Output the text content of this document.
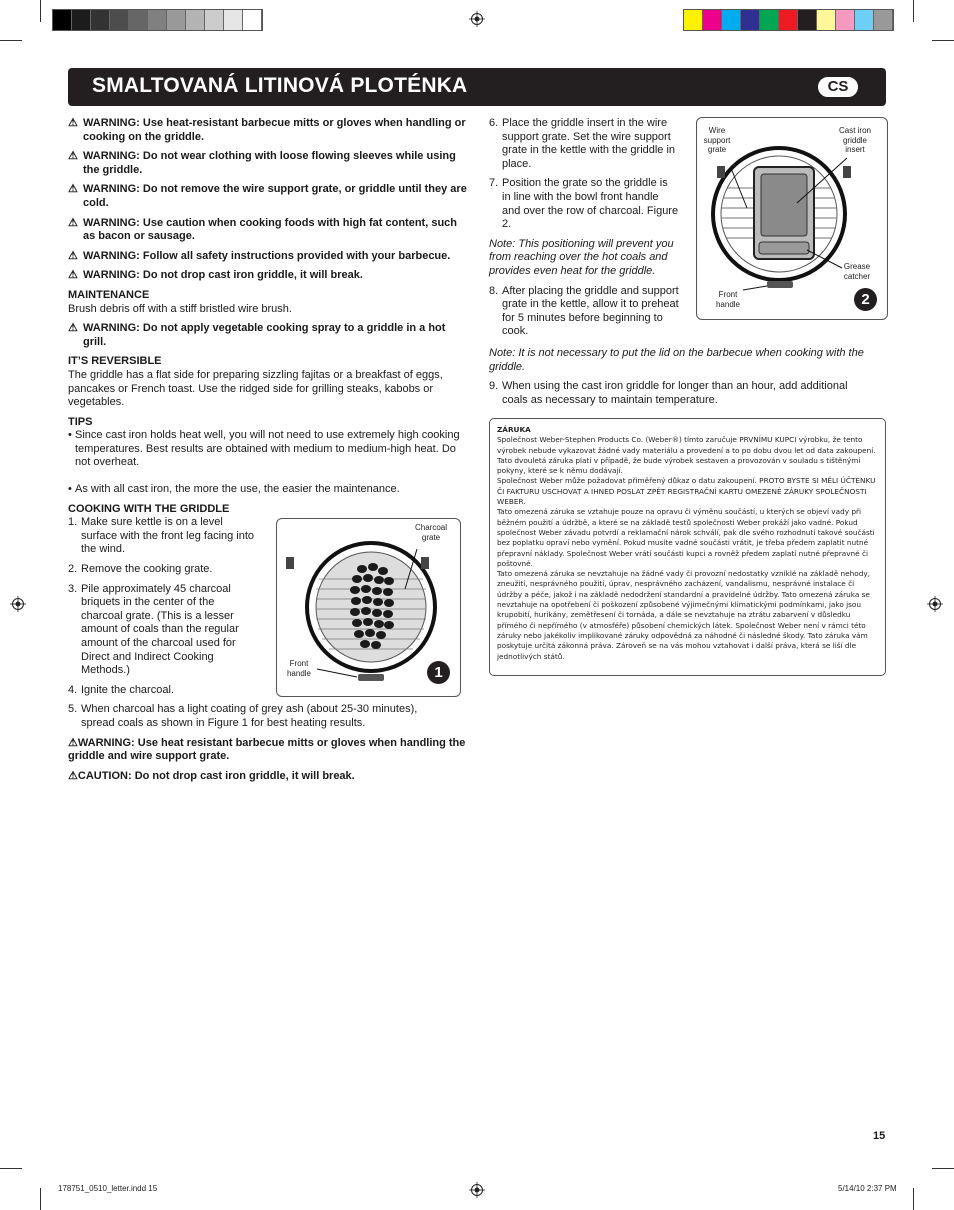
SMALTOVANÁ LITINOVÁ PLOTÉNKA	CS
⚠ WARNING: Use heat-resistant barbecue mitts or gloves when handling or cooking on the griddle.
⚠ WARNING: Do not wear clothing with loose flowing sleeves while using the griddle.
⚠ WARNING: Do not remove the wire support grate, or griddle until they are cold.
⚠ WARNING: Use caution when cooking foods with high fat content, such as bacon or sausage.
⚠ WARNING: Follow all safety instructions provided with your barbecue.
⚠ WARNING: Do not drop cast iron griddle, it will break.
MAINTENANCE
Brush debris off with a stiff bristled wire brush.
⚠ WARNING: Do not apply vegetable cooking spray to a griddle in a hot grill.
IT’S REVERSIBLE
The griddle has a flat side for preparing sizzling fajitas or a breakfast of eggs, pancakes or French toast. Use the ridged side for grilling steaks, kabobs or vegetables.
TIPS
• Since cast iron holds heat well, you will not need to use extremely high cooking temperatures. Best results are obtained with medium to medium-high heat. Do not overheat.
• As with all cast iron, the more the use, the easier the maintenance.
COOKING WITH THE GRIDDLE
1. Make sure kettle is on a level surface with the front leg facing into the wind.
2. Remove the cooking grate.
3. Pile approximately 45 charcoal briquets in the center of the charcoal grate. (This is a lesser amount of coals than the regular amount of the charcoal used for Direct and Indirect Cooking Methods.)
4. Ignite the charcoal.
5. When charcoal has a light coating of grey ash (about 25-30 minutes), spread coals as shown in Figure 1 for best heating results.
⚠WARNING: Use heat resistant barbecue mitts or gloves when handling the griddle and wire support grate.
⚠CAUTION: Do not drop cast iron griddle, it will break.
Charcoal grate
Front handle	1
6. Place the griddle insert in the wire support grate. Set the wire support grate in the kettle with the griddle in place.
7. Position the grate so the griddle is in line with the bowl front handle and over the row of charcoal. Figure 2.
Note: This positioning will prevent you from reaching over the hot coals and provides even heat for the griddle.
8. After placing the griddle and support grate in the kettle, allow it to preheat for 5 minutes before beginning to cook.
Note: It is not necessary to put the lid on the barbecue when cooking with the griddle.
9. When using the cast iron griddle for longer than an hour, add additional coals as necessary to maintain temperature.
Wire support grate
Cast iron griddle insert
Grease catcher
Front handle	2
ZÁRUKA
Společnost Weber-Stephen Products Co. (Weber®) tímto zaručuje PRVNÍMU KUPCI výrobku, že tento výrobek nebude vykazovat žádné vady materiálu a provedení a to po dobu dvou let od data zakoupení. Tato dvouletá záruka platí v případě, že bude výrobek sestaven a provozován v souladu s tištěnými pokyny, které se k němu dodávají.
Společnost Weber může požadovat přiměřený důkaz o datu zakoupení. PROTO BYSTE SI MĚLI ÚČTENKU ČI FAKTURU USCHOVAT A IHNED POSLAT ZPĚT REGISTRAČNÍ KARTU OMEZENÉ ZÁRUKY SPOLEČNOSTI WEBER.
Tato omezená záruka se vztahuje pouze na opravu či výměnu součástí, u kterých se objeví vady při běžném použití a údržbě, a které se na základě testů společnosti Weber prokáží jako vadné. Pokud společnost Weber závadu potvrdí a reklamační nárok schválí, pak dle svého rozhodnutí takové součásti bez poplatku opraví nebo vymění. Pokud musíte vadné součásti vrátit, je třeba předem zaplatit nutné přepravní náklady. Společnost Weber vrátí součásti kupci a rovněž předem zaplatí nutné přepravné či poštovné.
Tato omezená záruka se nevztahuje na žádné vady či provozní nedostatky vzniklé na základě nehody, zneužití, nesprávného použití, úprav, nesprávného zacházení, vandalismu, nesprávné instalace či údržby a péče, jakož i na základě nedodržení standardní a pravidelné údržby. Tato omezená záruka se nevztahuje na opotřebení či poškození způsobené výjimečnými klimatickými podmínkami, jako jsou krupobití, hurikány, zemětřesení či tornáda, a dále se nevztahuje na ztrátu zabarvení v důsledku přímého či nepřímého (v atmosféře) působení chemických látek. Společnost Weber není v rámci této záruky nebo jakékoliv implikované záruky odpovědná za náhodné či následné škody. Tato záruka vám poskytuje určitá zákonná práva. Zároveň se na vás mohou vztahovat i další práva, která se liší dle jednotlivých států.
15
178751_0510_letter.indd 15	5/14/10 2:37 PM
